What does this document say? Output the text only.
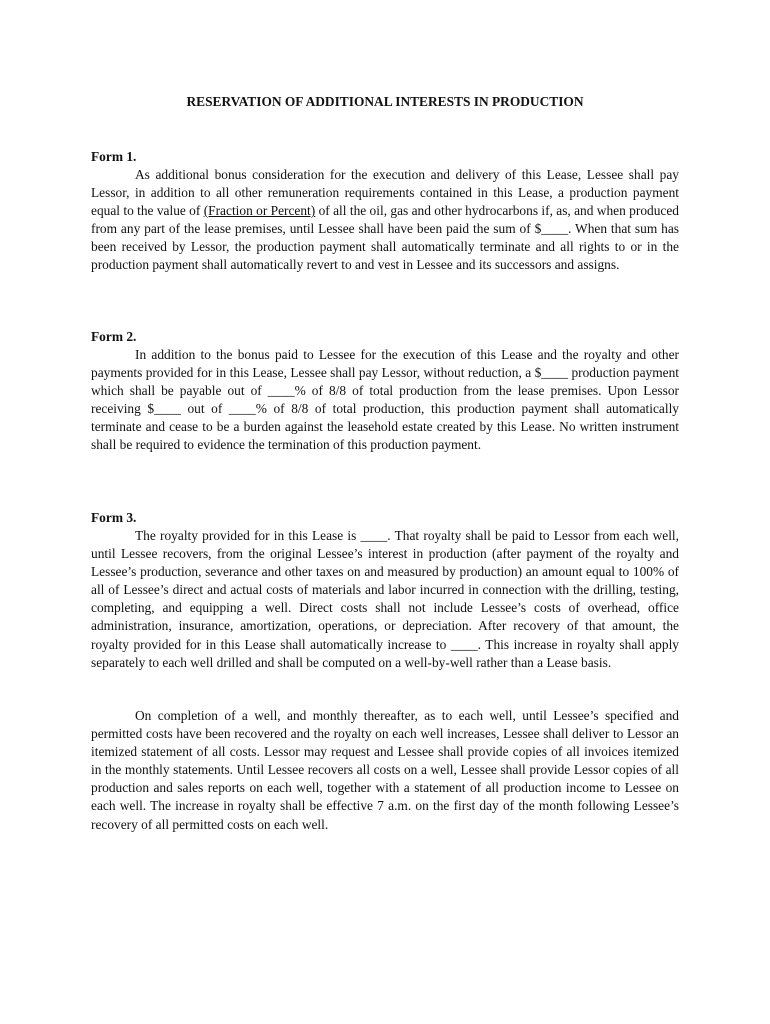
RESERVATION OF ADDITIONAL INTERESTS IN PRODUCTION
Form 1.

As additional bonus consideration for the execution and delivery of this Lease, Lessee shall pay Lessor, in addition to all other remuneration requirements contained in this Lease, a production payment equal to the value of (Fraction or Percent) of all the oil, gas and other hydrocarbons if, as, and when produced from any part of the lease premises, until Lessee shall have been paid the sum of $____. When that sum has been received by Lessor, the production payment shall automatically terminate and all rights to or in the production payment shall automatically revert to and vest in Lessee and its successors and assigns.

Form 2.

In addition to the bonus paid to Lessee for the execution of this Lease and the royalty and other payments provided for in this Lease, Lessee shall pay Lessor, without reduction, a $____ production payment which shall be payable out of ____% of 8/8 of total production from the lease premises. Upon Lessor receiving $____ out of ____% of 8/8 of total production, this production payment shall automatically terminate and cease to be a burden against the leasehold estate created by this Lease. No written instrument shall be required to evidence the termination of this production payment.

Form 3.

The royalty provided for in this Lease is ____. That royalty shall be paid to Lessor from each well, until Lessee recovers, from the original Lessee’s interest in production (after payment of the royalty and Lessee’s production, severance and other taxes on and measured by production) an amount equal to 100% of all of Lessee’s direct and actual costs of materials and labor incurred in connection with the drilling, testing, completing, and equipping a well. Direct costs shall not include Lessee’s costs of overhead, office administration, insurance, amortization, operations, or depreciation. After recovery of that amount, the royalty provided for in this Lease shall automatically increase to ____. This increase in royalty shall apply separately to each well drilled and shall be computed on a well-by-well rather than a Lease basis.

On completion of a well, and monthly thereafter, as to each well, until Lessee’s specified and permitted costs have been recovered and the royalty on each well increases, Lessee shall deliver to Lessor an itemized statement of all costs. Lessor may request and Lessee shall provide copies of all invoices itemized in the monthly statements. Until Lessee recovers all costs on a well, Lessee shall provide Lessor copies of all production and sales reports on each well, together with a statement of all production income to Lessee on each well. The increase in royalty shall be effective 7 a.m. on the first day of the month following Lessee’s recovery of all permitted costs on each well.
